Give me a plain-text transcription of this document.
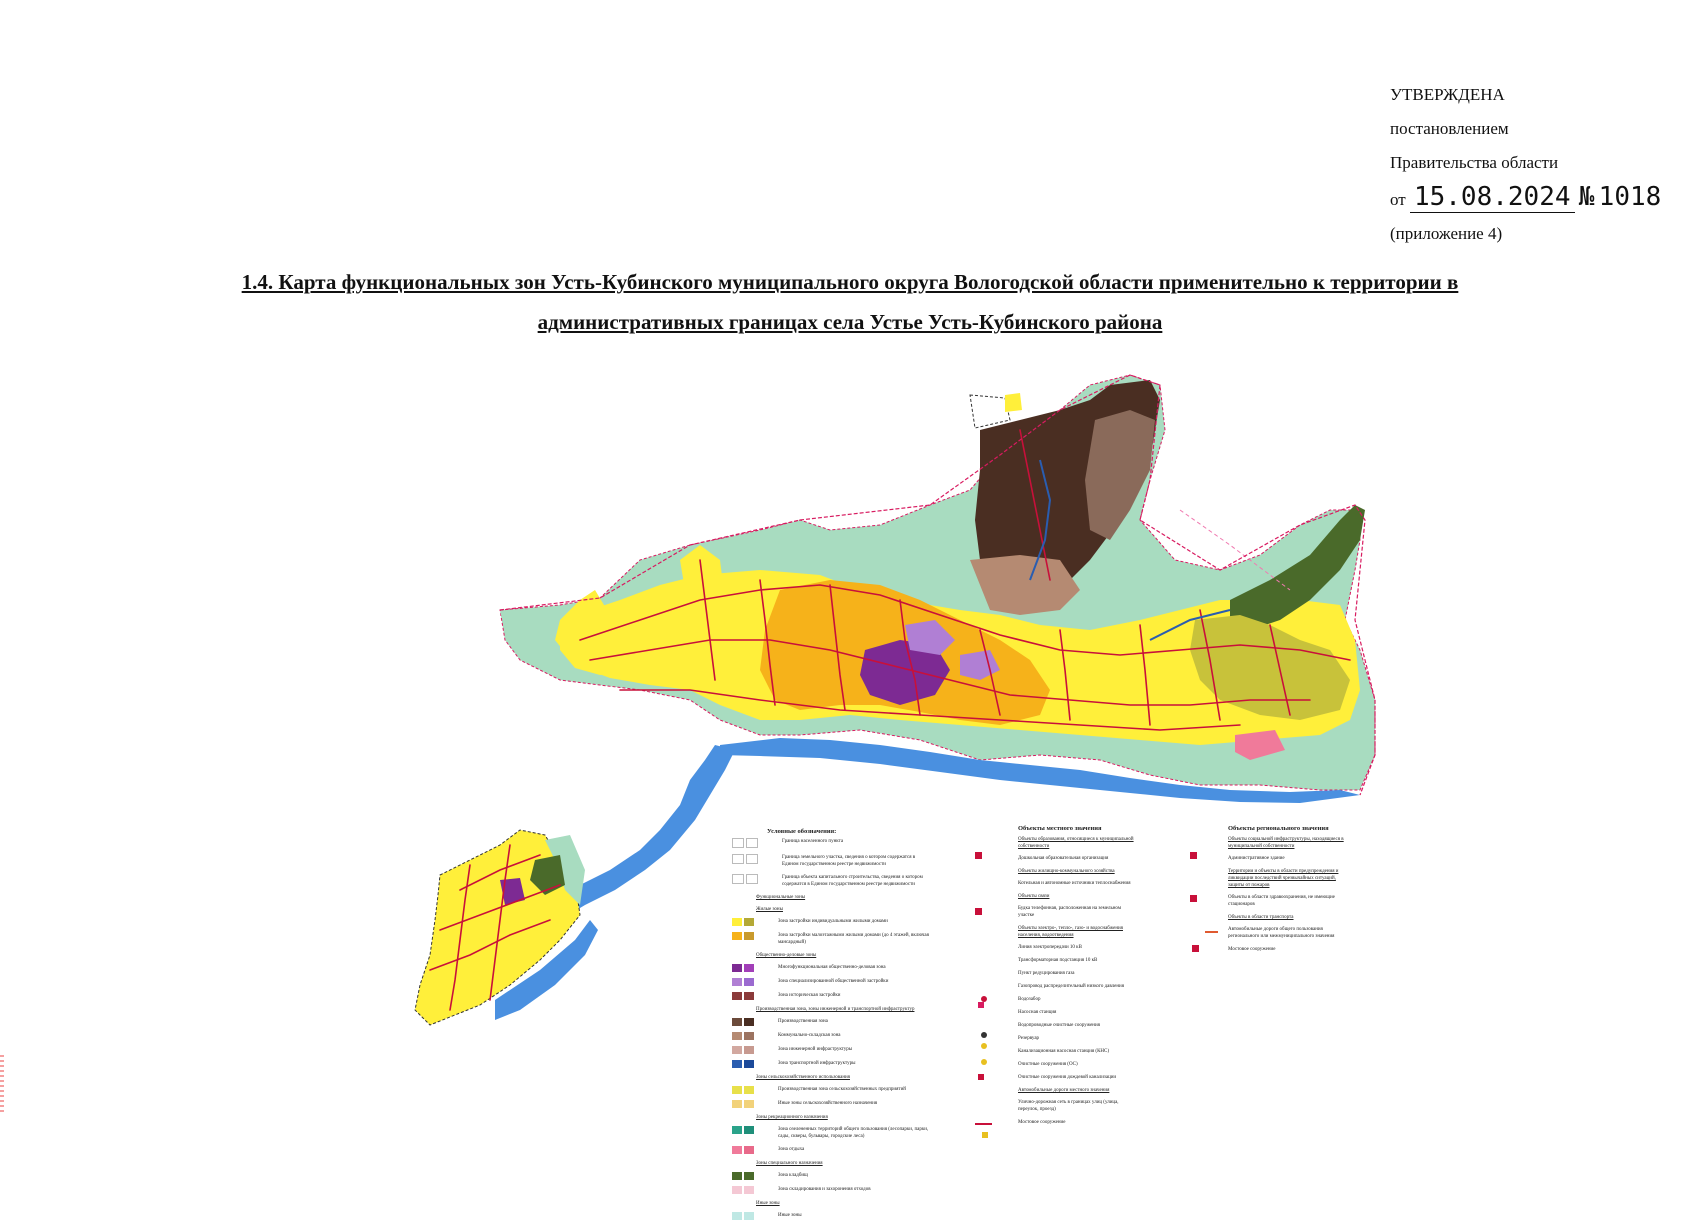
УТВЕРЖДЕНА
постановлением
Правительства области
от 15.08.2024 № 1018
(приложение 4)
1.4. Карта функциональных зон Усть-Кубинского муниципального округа Вологодской области применительно к территории в
административных границах села Устье Усть-Кубинского района
Условные обозначения:
Граница населенного пункта
Граница земельного участка, сведения о котором содержатся в Едином государственном реестре недвижимости
Граница объекта капитального строительства, сведения о котором содержатся в Едином государственном реестре недвижимости
Функциональные зоны
Жилые зоны
Зона застройки индивидуальными жилыми домами
Зона застройки малоэтажными жилыми домами (до 4 этажей, включая мансардный)
Общественно-деловые зоны
Многофункциональная общественно-деловая зона
Зона специализированной общественной застройки
Зона историческая застройки
Производственная зона, зоны инженерной и транспортной инфраструктур
Производственная зона
Коммунально-складская зона
Зона инженерной инфраструктуры
Зона транспортной инфраструктуры
Зоны сельскохозяйственного использования
Производственная зона сельскохозяйственных предприятий
Иные зоны сельскохозяйственного назначения
Зоны рекреационного назначения
Зона озелененных территорий общего пользования (лесопарки, парки, сады, скверы, бульвары, городские леса)
Зона отдыха
Зоны специального назначения
Зона кладбищ
Зона складирования и захоронения отходов
Иные зоны
Иные зоны
Объекты местного значения
Объекты образования, относящиеся к муниципальной собственности
Дошкольная образовательная организация
Объекты жилищно-коммунального хозяйства
Котельная и автономные источники теплоснабжения
Объекты связи
Будка телефонная, расположенная на земельном участке
Объекты электро-, тепло-, газо- и водоснабжения населения, водоотведения
Линия электропередачи 10 кВ
Трансформаторная подстанция 10 кВ
Пункт редуцирования газа
Газопровод распределительный низкого давления
Водозабор
Насосная станция
Водопроводные очистные сооружения
Резервуар
Канализационная насосная станция (КНС)
Очистные сооружения (ОС)
Очистные сооружения дождевой канализации
Автомобильные дороги местного значения
Улично-дорожная сеть в границах улиц (улица, переулок, проезд)
Мостовое сооружение
Объекты регионального значения
Объекты социальной инфраструктуры, находящиеся в муниципальной собственности
Административное здание
Территории и объекты в области предупреждения и ликвидации последствий чрезвычайных ситуаций, защиты от пожаров
Объекты в области здравоохранения, не имеющие стационаров
Объекты в области транспорта
Автомобильные дороги общего пользования регионального или межмуниципального значения
Мостовое сооружение
